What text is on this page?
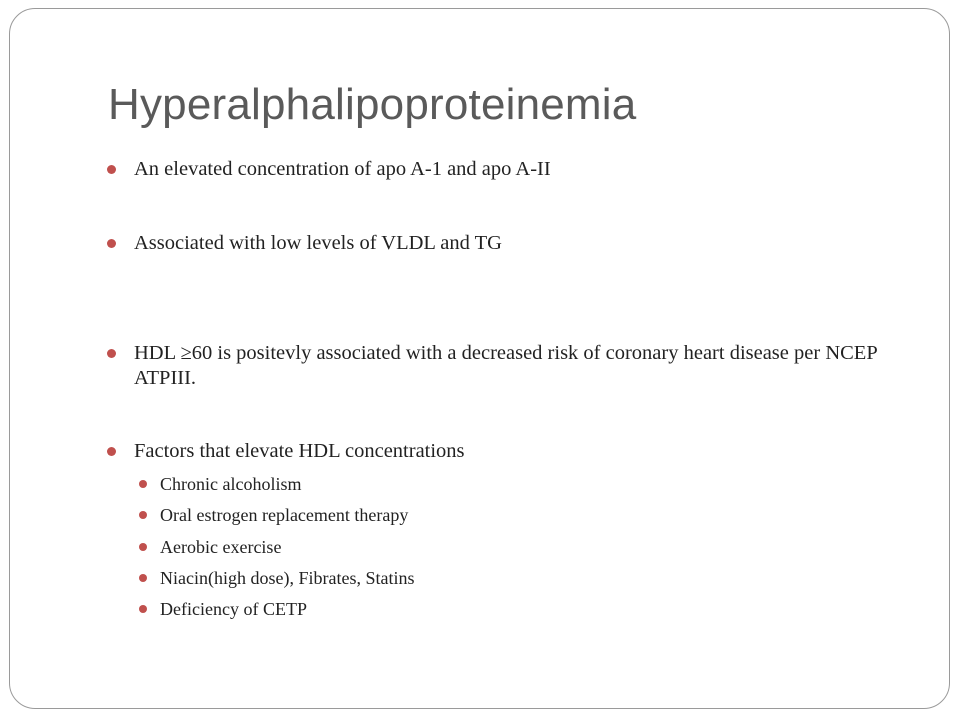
Hyperalphalipoproteinemia
An elevated concentration of apo A-1 and apo A-II
Associated with low levels of VLDL and TG
HDL ≥60 is positevly associated with a decreased risk of coronary heart disease per NCEP ATPIII.
Factors that elevate HDL concentrations
Chronic alcoholism
Oral estrogen replacement therapy
Aerobic exercise
Niacin(high dose), Fibrates, Statins
Deficiency of CETP
